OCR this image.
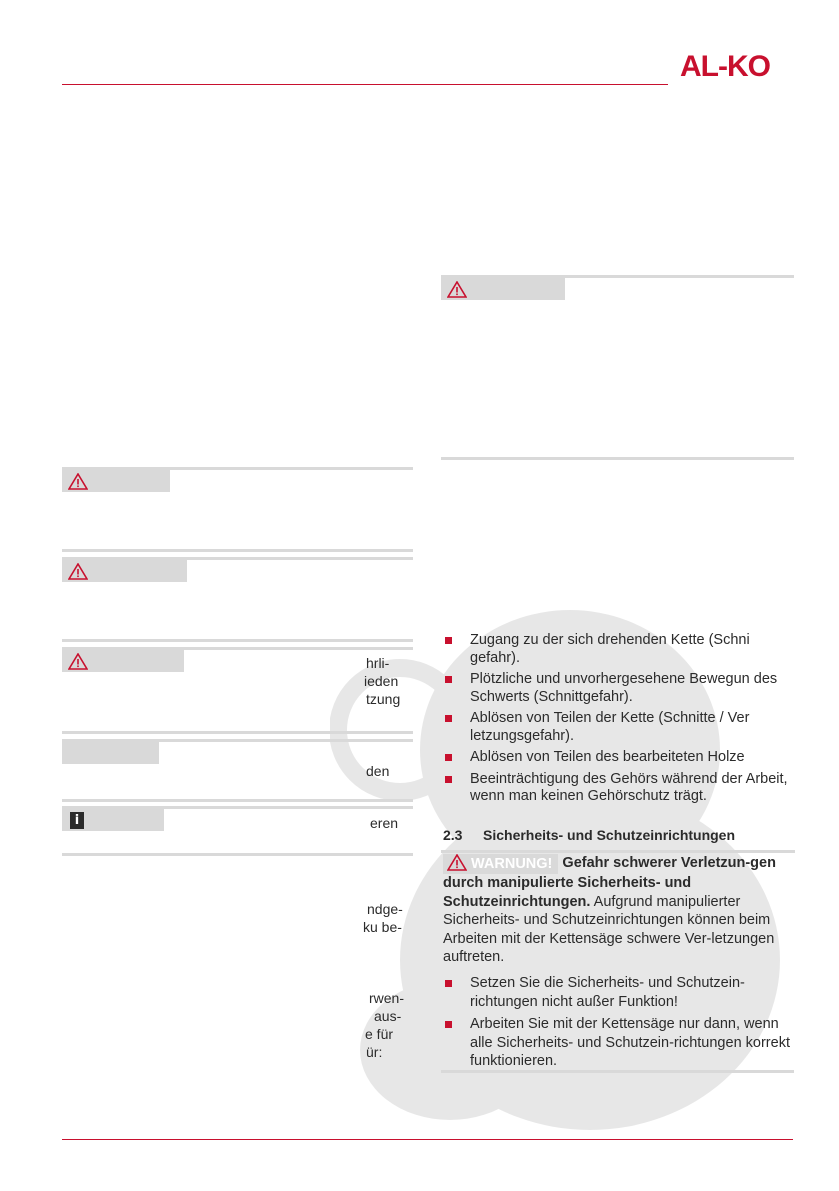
AL-KO
hrli-
ieden
tzung
den
i	eren
ndge-
ku be-
rwen-
aus-
e für
ür:
Zugang zu der sich drehenden Kette (Schni gefahr).
Plötzliche und unvorhergesehene Bewegun des Schwerts (Schnittgefahr).
Ablösen von Teilen der Kette (Schnitte / Ver letzungsgefahr).
Ablösen von Teilen des bearbeiteten Holze
Beeinträchtigung des Gehörs während der Arbeit, wenn man keinen Gehörschutz trägt.
2.3 Sicherheits- und Schutzeinrichtungen
WARNUNG! Gefahr schwerer Verletzun-gen durch manipulierte Sicherheits- und Schutzeinrichtungen. Aufgrund manipulierter Sicherheits- und Schutzeinrichtungen können beim Arbeiten mit der Kettensäge schwere Ver-letzungen auftreten.
Setzen Sie die Sicherheits- und Schutzein-richtungen nicht außer Funktion!
Arbeiten Sie mit der Kettensäge nur dann, wenn alle Sicherheits- und Schutzein-richtungen korrekt funktionieren.
